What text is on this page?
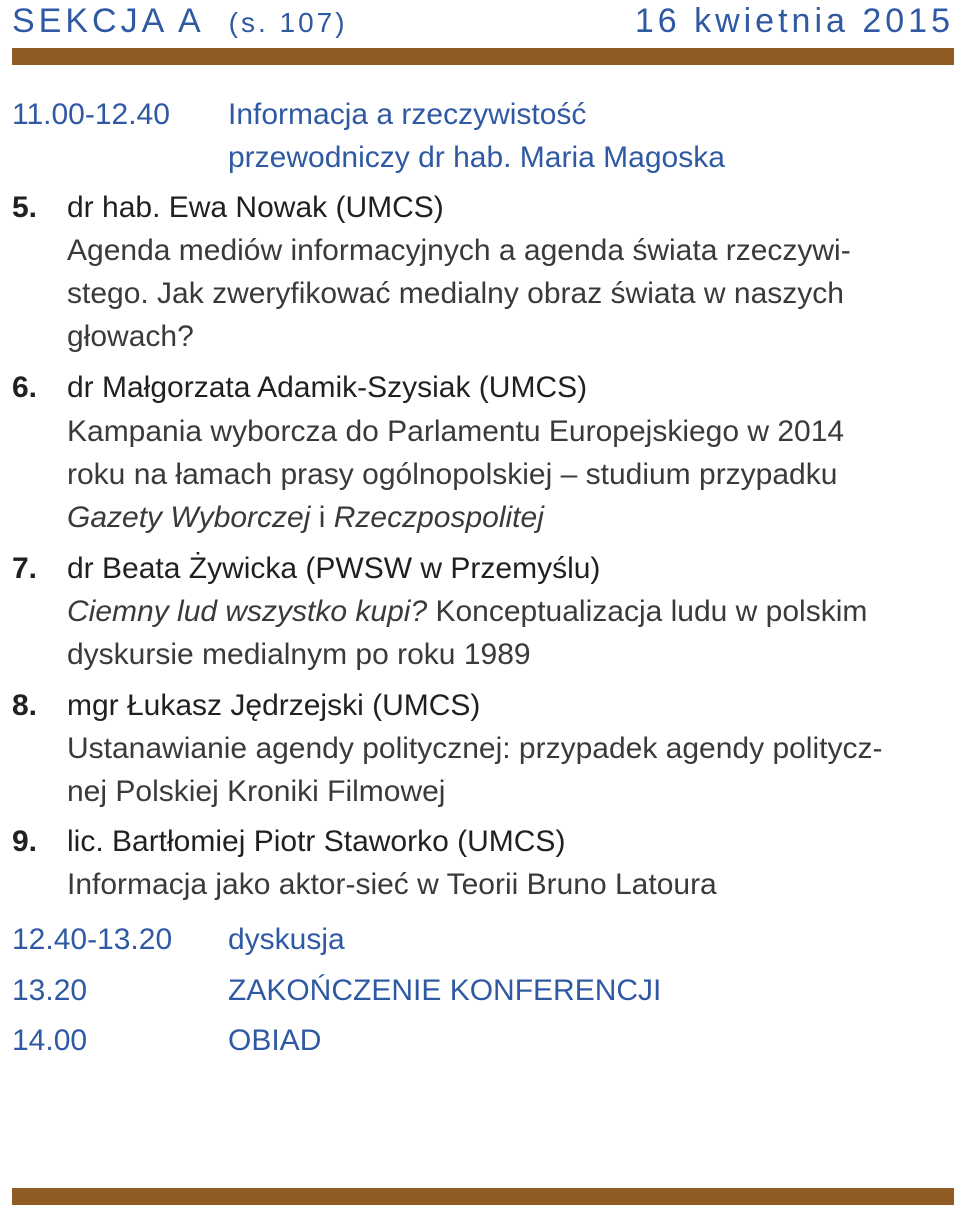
SEKCJA A (s. 107)	16 kwietnia 2015
11.00-12.40 Informacja a rzeczywistość
przewodniczy dr hab. Maria Magoska
5. dr hab. Ewa Nowak (UMCS)
Agenda mediów informacyjnych a agenda świata rzeczywi-
stego. Jak zweryfikować medialny obraz świata w naszych
głowach?
6. dr Małgorzata Adamik-Szysiak (UMCS)
Kampania wyborcza do Parlamentu Europejskiego w 2014
roku na łamach prasy ogólnopolskiej – studium przypadku
Gazety Wyborczej i Rzeczpospolitej
7. dr Beata Żywicka (PWSW w Przemyślu)
Ciemny lud wszystko kupi? Konceptualizacja ludu w polskim
dyskursie medialnym po roku 1989
8. mgr Łukasz Jędrzejski (UMCS)
Ustanawianie agendy politycznej: przypadek agendy politycz-
nej Polskiej Kroniki Filmowej
9. lic. Bartłomiej Piotr Staworko (UMCS)
Informacja jako aktor-sieć w Teorii Bruno Latoura
12.40-13.20 dyskusja
13.20	ZAKOŃCZENIE KONFERENCJI
14.00	OBIAD
